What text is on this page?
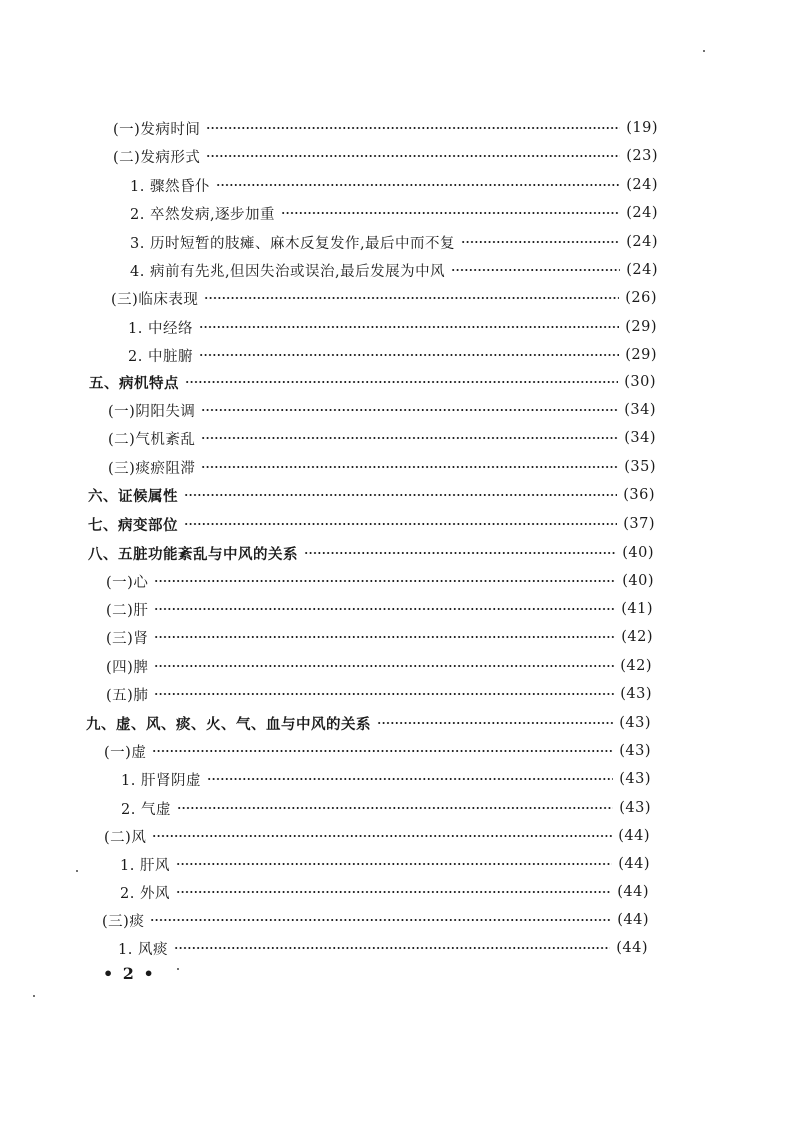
(一)发病时间	(19)
(二)发病形式	(23)
1. 骤然昏仆	(24)
2. 卒然发病,逐步加重	(24)
3. 历时短暂的肢瘫、麻木反复发作,最后中而不复	(24)
4. 病前有先兆,但因失治或误治,最后发展为中风	(24)
(三)临床表现	(26)
1. 中经络	(29)
2. 中脏腑	(29)
五、病机特点	(30)
(一)阴阳失调	(34)
(二)气机紊乱	(34)
(三)痰瘀阻滞	(35)
六、证候属性	(36)
七、病变部位	(37)
八、五脏功能紊乱与中风的关系	(40)
(一)心	(40)
(二)肝	(41)
(三)肾	(42)
(四)脾	(42)
(五)肺	(43)
九、虚、风、痰、火、气、血与中风的关系	(43)
(一)虚	(43)
1. 肝肾阴虚	(43)
2. 气虚	(43)
(二)风	(44)
1. 肝风	(44)
2. 外风	(44)
(三)痰	(44)
1. 风痰	(44)
• 2 •
